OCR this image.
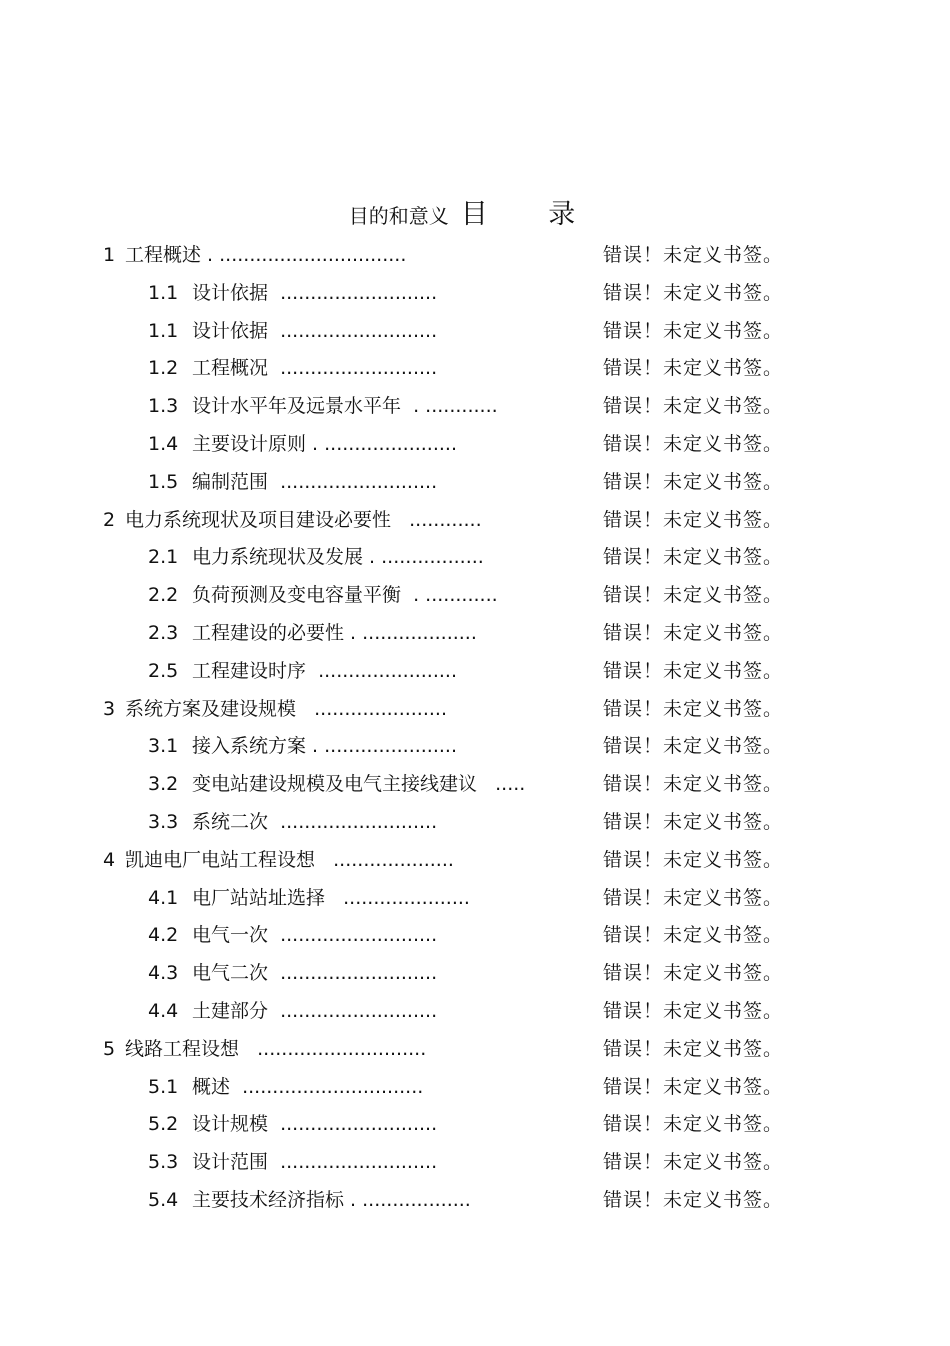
目的和意义 目 录
1 工程概述 . ...............................	错误！未定义书签。
1.1 设计依据  ..........................	错误！未定义书签。
1.1 设计依据  ..........................	错误！未定义书签。
1.2 工程概况  ..........................	错误！未定义书签。
1.3 设计水平年及远景水平年  . ............	错误！未定义书签。
1.4 主要设计原则 . ......................	错误！未定义书签。
1.5 编制范围  ..........................	错误！未定义书签。
2 电力系统现状及项目建设必要性   ............	错误！未定义书签。
2.1 电力系统现状及发展 . .................	错误！未定义书签。
2.2 负荷预测及变电容量平衡  . ............	错误！未定义书签。
2.3 工程建设的必要性 . ...................	错误！未定义书签。
2.5 工程建设时序  .......................	错误！未定义书签。
3 系统方案及建设规模   ......................	错误！未定义书签。
3.1 接入系统方案 . ......................	错误！未定义书签。
3.2 变电站建设规模及电气主接线建议   .....	错误！未定义书签。
3.3 系统二次  ..........................	错误！未定义书签。
4 凯迪电厂电站工程设想   ....................	错误！未定义书签。
4.1 电厂站站址选择   .....................	错误！未定义书签。
4.2 电气一次  ..........................	错误！未定义书签。
4.3 电气二次  ..........................	错误！未定义书签。
4.4 土建部分  ..........................	错误！未定义书签。
5 线路工程设想   ............................	错误！未定义书签。
5.1 概述  ..............................	错误！未定义书签。
5.2 设计规模  ..........................	错误！未定义书签。
5.3 设计范围  ..........................	错误！未定义书签。
5.4 主要技术经济指标 . ..................	错误！未定义书签。
